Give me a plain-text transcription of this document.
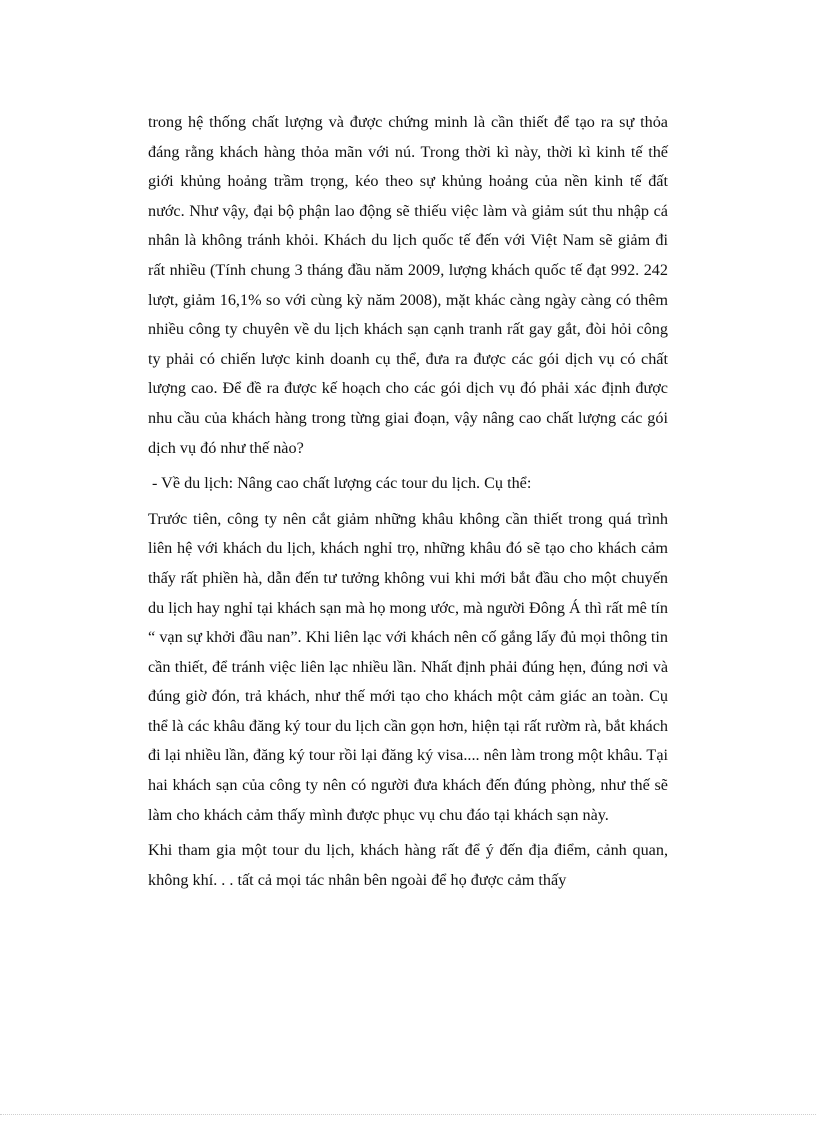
trong hệ thống chất lượng và được chứng minh là cần thiết để tạo ra sự thỏa đáng rằng khách hàng thỏa mãn với nú. Trong thời kì này, thời kì kinh tế thế giới khủng hoảng trầm trọng, kéo theo sự khủng hoảng của nền kinh tế đất nước. Như vậy, đại bộ phận lao động sẽ thiếu việc làm và giảm sút thu nhập cá nhân là không tránh khỏi. Khách du lịch quốc tế đến với Việt Nam sẽ giảm đi rất nhiều (Tính chung 3 tháng đầu năm 2009, lượng khách quốc tế đạt 992. 242 lượt, giảm 16,1% so với cùng kỳ năm 2008), mặt khác càng ngày càng có thêm nhiều công ty chuyên về du lịch khách sạn cạnh tranh rất gay gắt, đòi hỏi công ty phải có chiến lược kinh doanh cụ thể, đưa ra được các gói dịch vụ có chất lượng cao. Để đề ra được kế hoạch cho các gói dịch vụ đó phải xác định được nhu cầu của khách hàng trong từng giai đoạn, vậy nâng cao chất lượng các gói dịch vụ đó như thế nào?

- Về du lịch: Nâng cao chất lượng các tour du lịch. Cụ thể:

Trước tiên, công ty nên cắt giảm những khâu không cần thiết trong quá trình liên hệ với khách du lịch, khách nghỉ trọ, những khâu đó sẽ tạo cho khách cảm thấy rất phiền hà, dẫn đến tư tưởng không vui khi mới bắt đầu cho một chuyến du lịch hay nghỉ tại khách sạn mà họ mong ước, mà người Đông Á thì rất mê tín “ vạn sự khởi đầu nan”. Khi liên lạc với khách nên cố gắng lấy đủ mọi thông tin cần thiết, để tránh việc liên lạc nhiều lần. Nhất định phải đúng hẹn, đúng nơi và đúng giờ đón, trả khách, như thế mới tạo cho khách một cảm giác an toàn. Cụ thể là các khâu đăng ký tour du lịch cần gọn hơn, hiện tại rất rườm rà, bắt khách đi lại nhiều lần, đăng ký tour rồi lại đăng ký visa.... nên làm trong một khâu. Tại hai khách sạn của công ty nên có người đưa khách đến đúng phòng, như thế sẽ làm cho khách cảm thấy mình được phục vụ chu đáo tại khách sạn này.

Khi tham gia một tour du lịch, khách hàng rất để ý đến địa điểm, cảnh quan, không khí. . . tất cả mọi tác nhân bên ngoài để họ được cảm thấy
